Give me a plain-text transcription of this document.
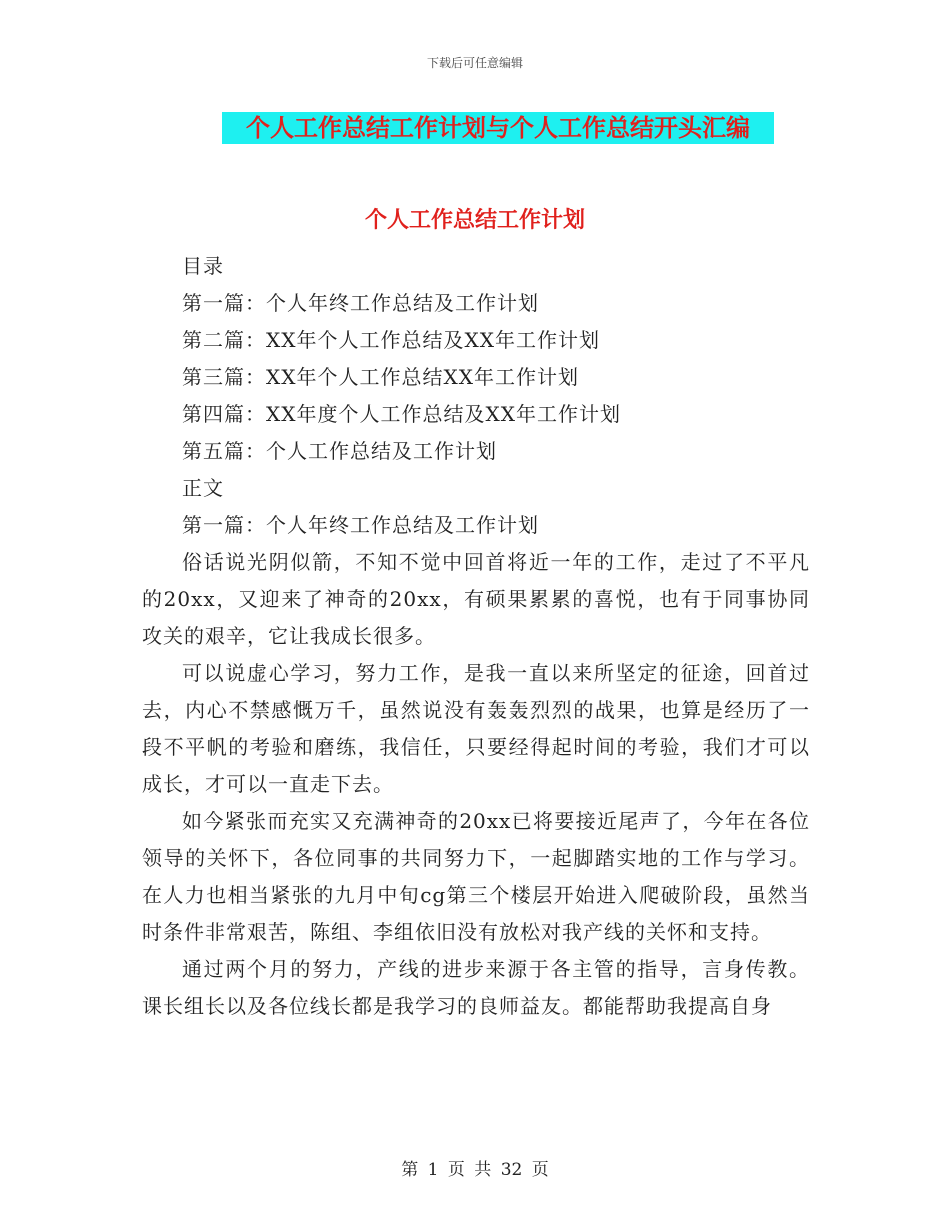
下载后可任意编辑
个人工作总结工作计划与个人工作总结开头汇编
个人工作总结工作计划

目录

第一篇：个人年终工作总结及工作计划

第二篇：XX年个人工作总结及XX年工作计划

第三篇：XX年个人工作总结XX年工作计划

第四篇：XX年度个人工作总结及XX年工作计划

第五篇：个人工作总结及工作计划

正文

第一篇：个人年终工作总结及工作计划

俗话说光阴似箭，不知不觉中回首将近一年的工作，走过了不平凡的20xx，又迎来了神奇的20xx，有硕果累累的喜悦，也有于同事协同攻关的艰辛，它让我成长很多。

可以说虚心学习，努力工作，是我一直以来所坚定的征途，回首过去，内心不禁感慨万千，虽然说没有轰轰烈烈的战果，也算是经历了一段不平帆的考验和磨练，我信任，只要经得起时间的考验，我们才可以成长，才可以一直走下去。

如今紧张而充实又充满神奇的20xx已将要接近尾声了，今年在各位领导的关怀下，各位同事的共同努力下，一起脚踏实地的工作与学习。在人力也相当紧张的九月中旬cg第三个楼层开始进入爬破阶段，虽然当时条件非常艰苦，陈组、李组依旧没有放松对我产线的关怀和支持。

通过两个月的努力，产线的进步来源于各主管的指导，言身传教。课长组长以及各位线长都是我学习的良师益友。都能帮助我提高自身

第 1 页 共 32 页
